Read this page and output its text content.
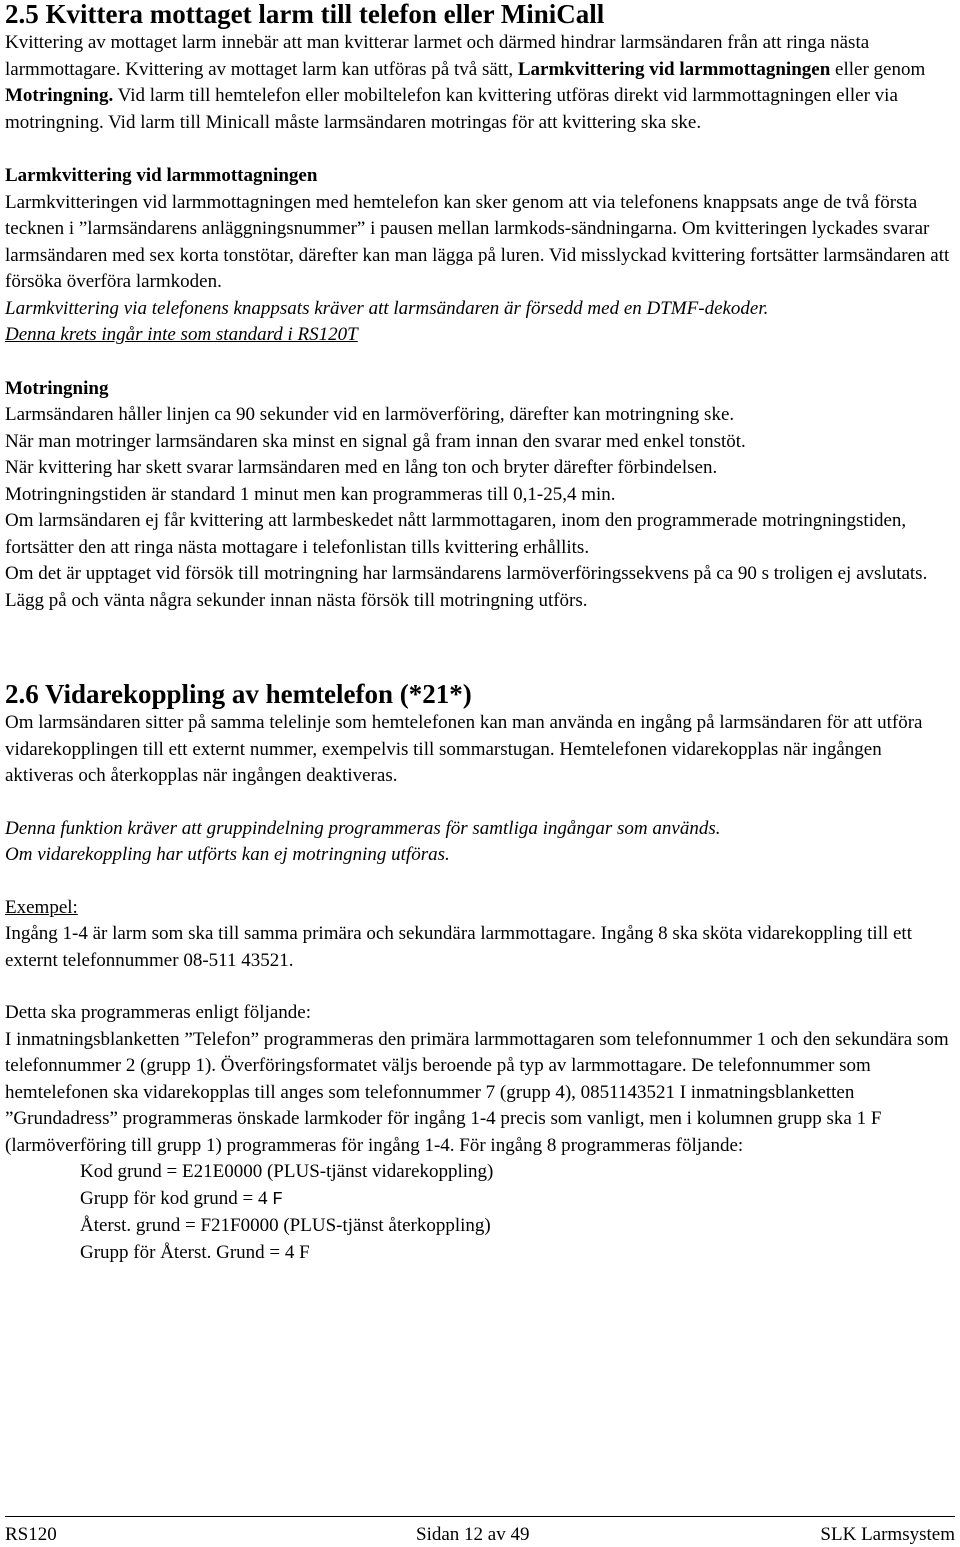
2.5 Kvittera mottaget larm till telefon eller MiniCall

Kvittering av mottaget larm innebär att man kvitterar larmet och därmed hindrar larmsändaren från att ringa nästa larmmottagare. Kvittering av mottaget larm kan utföras på två sätt, Larmkvittering vid larmmottagningen eller genom Motringning. Vid larm till hemtelefon eller mobiltelefon kan kvittering utföras direkt vid larmmottagningen eller via motringning. Vid larm till Minicall måste larmsändaren motringas för att kvittering ska ske.

Larmkvittering vid larmmottagningen

Larmkvitteringen vid larmmottagningen med hemtelefon kan sker genom att via telefonens knappsats ange de två första tecknen i ”larmsändarens anläggningsnummer” i pausen mellan larmkods-sändningarna. Om kvitteringen lyckades svarar larmsändaren med sex korta tonstötar, därefter kan man lägga på luren. Vid misslyckad kvittering fortsätter larmsändaren att försöka överföra larmkoden.

Larmkvittering via telefonens knappsats kräver att larmsändaren är försedd med en DTMF-dekoder.

Denna krets ingår inte som standard i RS120T

Motringning

Larmsändaren håller linjen ca 90 sekunder vid en larmöverföring, därefter kan motringning ske.

När man motringer larmsändaren ska minst en signal gå fram innan den svarar med enkel tonstöt.

När kvittering har skett svarar larmsändaren med en lång ton och bryter därefter förbindelsen.

Motringningstiden är standard 1 minut men kan programmeras till 0,1-25,4 min.

Om larmsändaren ej får kvittering att larmbeskedet nått larmmottagaren, inom den programmerade motringningstiden, fortsätter den att ringa nästa mottagare i telefonlistan tills kvittering erhållits.

Om det är upptaget vid försök till motringning har larmsändarens larmöverföringssekvens på ca 90 s troligen ej avslutats. Lägg på och vänta några sekunder innan nästa försök till motringning utförs.

2.6 Vidarekoppling av hemtelefon (*21*)

Om larmsändaren sitter på samma telelinje som hemtelefonen kan man använda en ingång på larmsändaren för att utföra vidarekopplingen till ett externt nummer, exempelvis till sommarstugan. Hemtelefonen vidarekopplas när ingången aktiveras och återkopplas när ingången deaktiveras.

Denna funktion kräver att gruppindelning programmeras för samtliga ingångar som används.

Om vidarekoppling har utförts kan ej motringning utföras.

Exempel:

Ingång 1-4 är larm som ska till samma primära och sekundära larmmottagare. Ingång 8 ska sköta vidarekoppling till ett externt telefonnummer 08-511 43521.

Detta ska programmeras enligt följande:

I inmatningsblanketten ”Telefon” programmeras den primära larmmottagaren som telefonnummer 1 och den sekundära som telefonnummer 2 (grupp 1). Överföringsformatet väljs beroende på typ av larmmottagare. De telefonnummer som hemtelefonen ska vidarekopplas till anges som telefonnummer 7 (grupp 4), 0851143521 I inmatningsblanketten ”Grundadress” programmeras önskade larmkoder för ingång 1-4 precis som vanligt, men i kolumnen grupp ska 1 F (larmöverföring till grupp 1) programmeras för ingång 1-4. För ingång 8 programmeras följande:

Kod grund = E21E0000 (PLUS-tjänst vidarekoppling)

Grupp för kod grund = 4 F

Återst. grund = F21F0000 (PLUS-tjänst återkoppling)

Grupp för Återst. Grund = 4 F

RS120	Sidan 12 av 49	SLK Larmsystem
